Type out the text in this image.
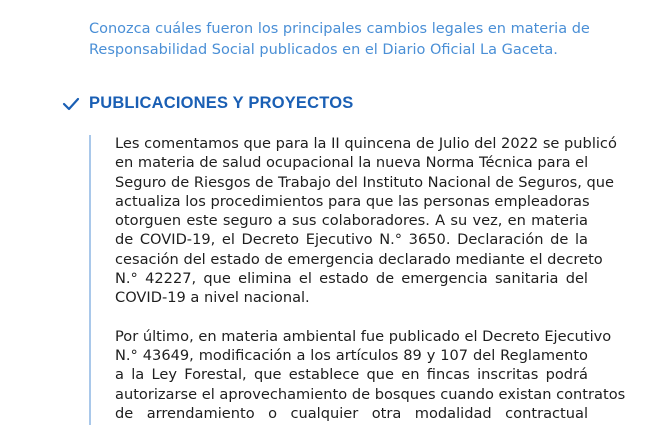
Conozca cuáles fueron los principales cambios legales en materia de
Responsabilidad Social publicados en el Diario Oficial La Gaceta.
PUBLICACIONES Y PROYECTOS

Les comentamos que para la II quincena de Julio del 2022 se publicó
en materia de salud ocupacional la nueva Norma Técnica para el
Seguro de Riesgos de Trabajo del Instituto Nacional de Seguros, que
actualiza los procedimientos para que las personas empleadoras
otorguen este seguro a sus colaboradores. A su vez, en materia
de COVID-19, el Decreto Ejecutivo N.° 3650. Declaración de la
cesación del estado de emergencia declarado mediante el decreto
N.° 42227, que elimina el estado de emergencia sanitaria del
COVID-19 a nivel nacional.

Por último, en materia ambiental fue publicado el Decreto Ejecutivo
N.° 43649, modificación a los artículos 89 y 107 del Reglamento
a la Ley Forestal, que establece que en fincas inscritas podrá
autorizarse el aprovechamiento de bosques cuando existan contratos
de arrendamiento o cualquier otra modalidad contractual
